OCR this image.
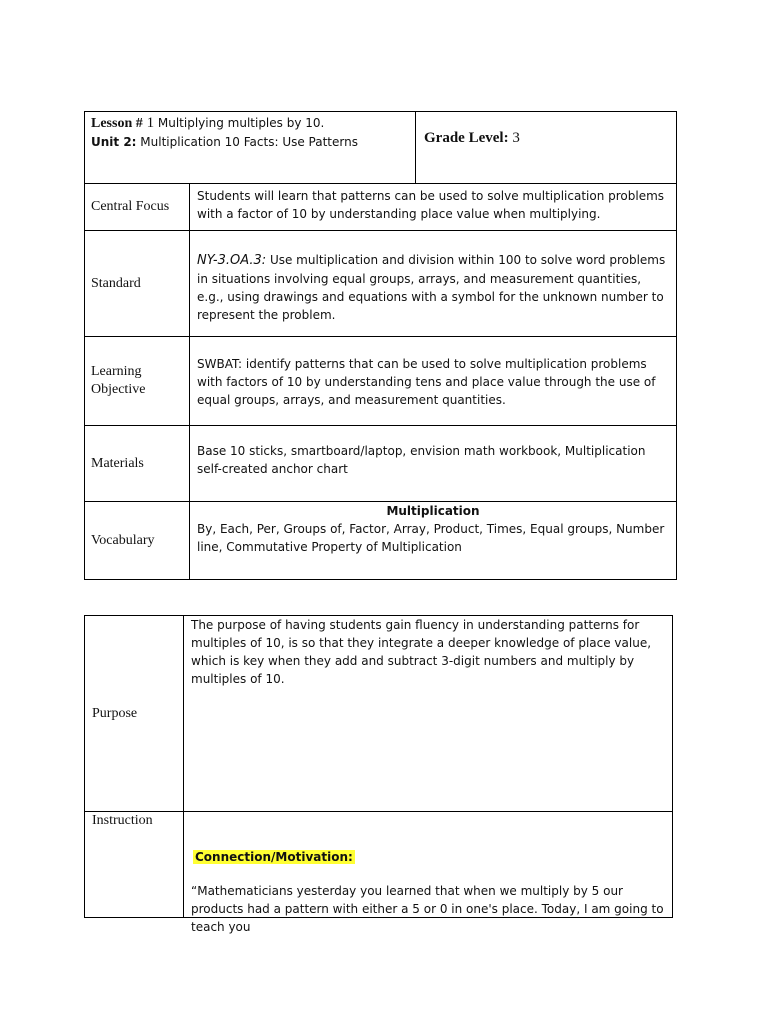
Lesson # 1 Multiplying multiples by 10.
Unit 2: Multiplication 10 Facts: Use Patterns		Grade Level: 3
Central Focus	Students will learn that patterns can be used to solve multiplication problems with a factor of 10 by understanding place value when multiplying.	
Standard	NY-3.OA.3: Use multiplication and division within 100 to solve word problems in situations involving equal groups, arrays, and measurement quantities, e.g., using drawings and equations with a symbol for the unknown number to represent the problem.	

Learning
Objective	SWBAT: identify patterns that can be used to solve multiplication problems with factors of 10 by understanding tens and place value through the use of equal groups, arrays, and measurement quantities.	
Materials	Base 10 sticks, smartboard/laptop, envision math workbook, Multiplication self-created anchor chart	
Vocabulary	Multiplication
By, Each, Per, Groups of, Factor, Array, Product, Times, Equal groups, Number line, Commutative Property of Multiplication	
Purpose	The purpose of having students gain fluency in understanding patterns for multiples of 10, is so that they integrate a deeper knowledge of place value, which is key when they add and subtract 3-digit numbers and multiply by multiples of 10.
Instruction	Connection/Motivation:
“Mathematicians yesterday you learned that when we multiply by 5 our products had a pattern with either a 5 or 0 in one's place. Today, I am going to teach you
